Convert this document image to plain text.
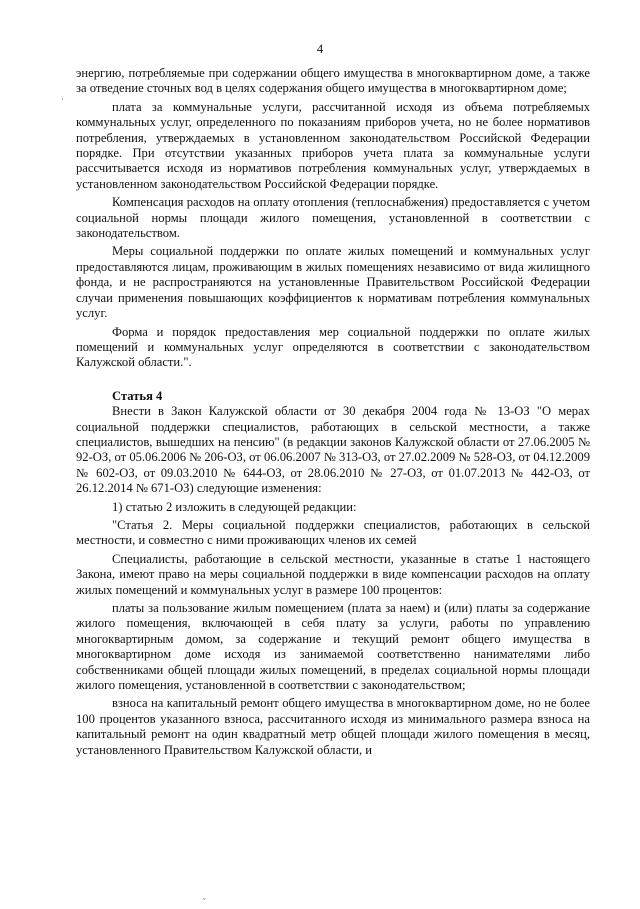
4
˙

энергию, потребляемые при содержании общего имущества в многоквартирном доме, а также за отведение сточных вод в целях содержания общего имущества в многоквартирном доме;

плата за коммунальные услуги, рассчитанной исходя из объема потребляемых коммунальных услуг, определенного по показаниям приборов учета, но не более нормативов потребления, утверждаемых в установленном законодательством Российской Федерации порядке. При отсутствии указанных приборов учета плата за коммунальные услуги рассчитывается исходя из нормативов потребления коммунальных услуг, утверждаемых в установленном законодательством Российской Федерации порядке.

Компенсация расходов на оплату отопления (теплоснабжения) предоставляется с учетом социальной нормы площади жилого помещения, установленной в соответствии с законодательством.

Меры социальной поддержки по оплате жилых помещений и коммунальных услуг предоставляются лицам, проживающим в жилых помещениях независимо от вида жилищного фонда, и не распространяются на установленные Правительством Российской Федерации случаи применения повышающих коэффициентов к нормативам потребления коммунальных услуг.

Форма и порядок предоставления мер социальной поддержки по оплате жилых помещений и коммунальных услуг определяются в соответствии с законодательством Калужской области.".

Статья 4

Внести в Закон Калужской области от 30 декабря 2004 года № 13-ОЗ "О мерах социальной поддержки специалистов, работающих в сельской местности, а также специалистов, вышедших на пенсию" (в редакции законов Калужской области от 27.06.2005 № 92-ОЗ, от 05.06.2006 № 206-ОЗ, от 06.06.2007 № 313-ОЗ, от 27.02.2009 № 528-ОЗ, от 04.12.2009 № 602-ОЗ, от 09.03.2010 № 644-ОЗ, от 28.06.2010 № 27-ОЗ, от 01.07.2013 № 442-ОЗ, от 26.12.2014 № 671-ОЗ) следующие изменения:

1) статью 2 изложить в следующей редакции:

"Статья 2. Меры социальной поддержки специалистов, работающих в сельской местности, и совместно с ними проживающих членов их семей

Специалисты, работающие в сельской местности, указанные в статье 1 настоящего Закона, имеют право на меры социальной поддержки в виде компенсации расходов на оплату жилых помещений и коммунальных услуг в размере 100 процентов:

платы за пользование жилым помещением (плата за наем) и (или) платы за содержание жилого помещения, включающей в себя плату за услуги, работы по управлению многоквартирным домом, за содержание и текущий ремонт общего имущества в многоквартирном доме исходя из занимаемой соответственно нанимателями либо собственниками общей площади жилых помещений, в пределах социальной нормы площади жилого помещения, установленной в соответствии с законодательством;

взноса на капитальный ремонт общего имущества в многоквартирном доме, но не более 100 процентов указанного взноса, рассчитанного исходя из минимального размера взноса на капитальный ремонт на один квадратный метр общей площади жилого помещения в месяц, установленного Правительством Калужской области, и

ˇ
